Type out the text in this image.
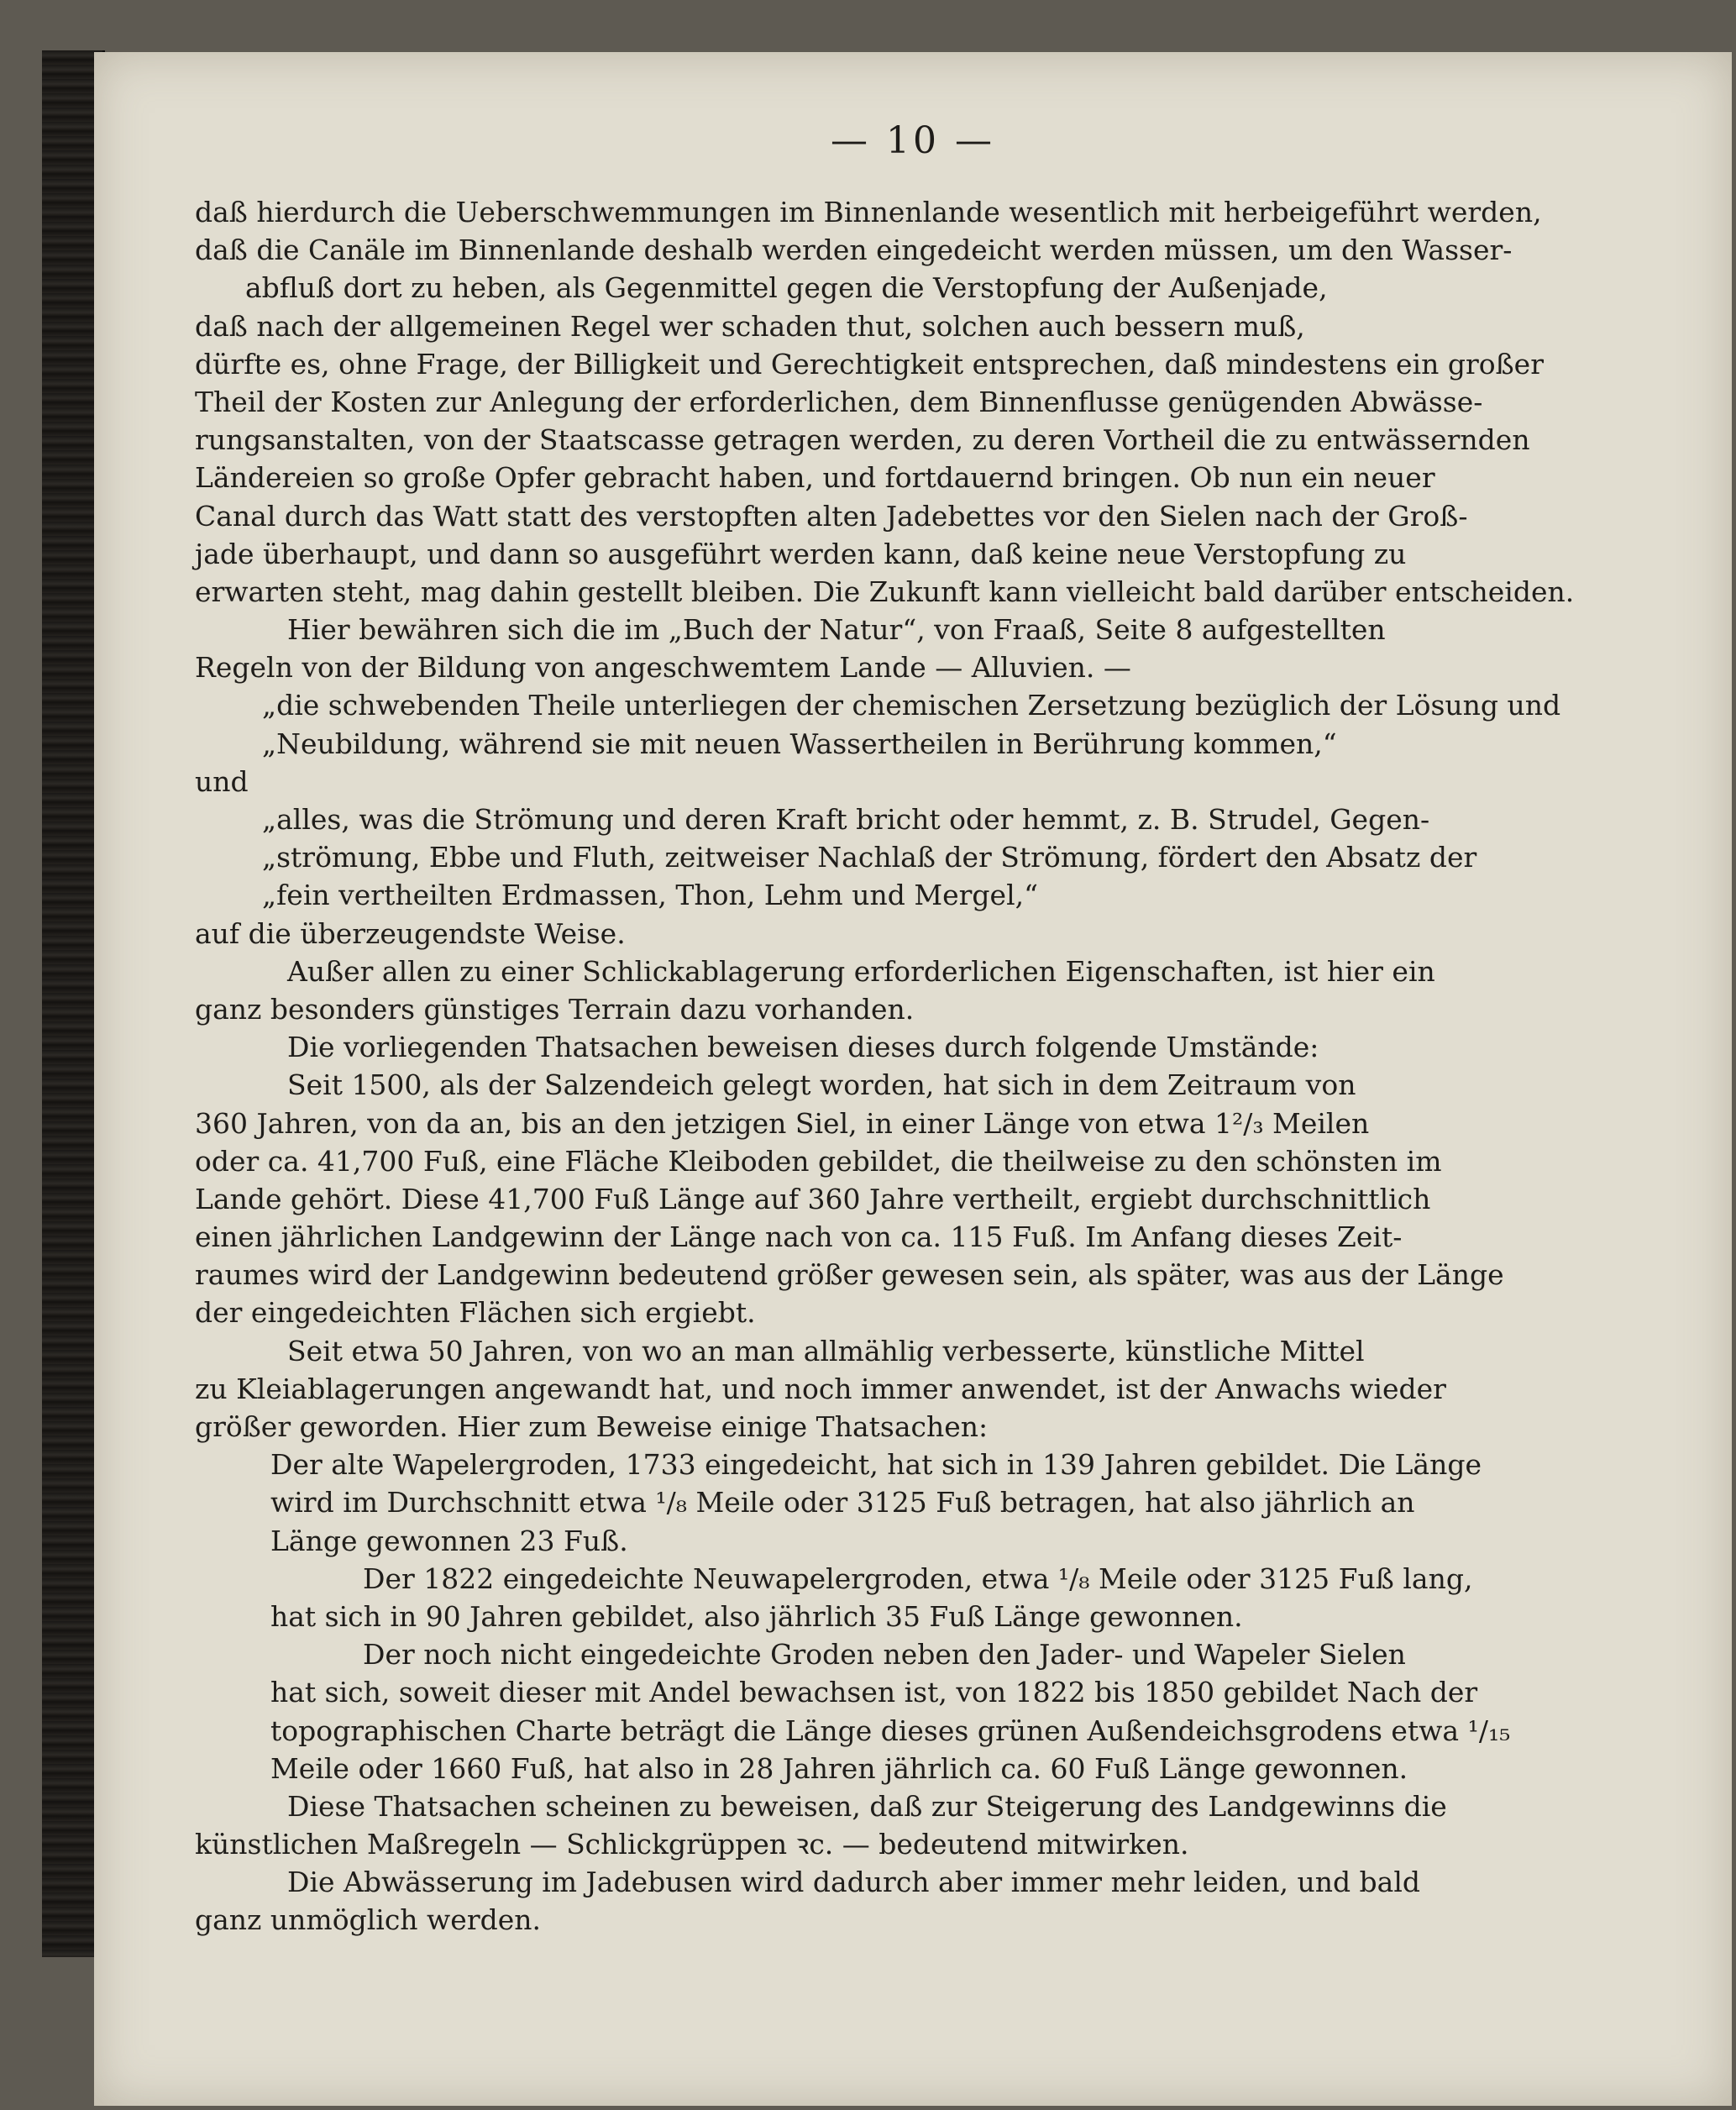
— 10 —
daß hierdurch die Ueberschwemmungen im Binnenlande wesentlich mit herbeigeführt werden,
daß die Canäle im Binnenlande deshalb werden eingedeicht werden müssen, um den Wasser-
abfluß dort zu heben, als Gegenmittel gegen die Verstopfung der Außenjade,
daß nach der allgemeinen Regel wer schaden thut, solchen auch bessern muß,
dürfte es, ohne Frage, der Billigkeit und Gerechtigkeit entsprechen, daß mindestens ein großer
Theil der Kosten zur Anlegung der erforderlichen, dem Binnenflusse genügenden Abwässe-
rungsanstalten, von der Staatscasse getragen werden, zu deren Vortheil die zu entwässernden
Ländereien so große Opfer gebracht haben, und fortdauernd bringen. Ob nun ein neuer
Canal durch das Watt statt des verstopften alten Jadebettes vor den Sielen nach der Groß-
jade überhaupt, und dann so ausgeführt werden kann, daß keine neue Verstopfung zu
erwarten steht, mag dahin gestellt bleiben. Die Zukunft kann vielleicht bald darüber entscheiden.
Hier bewähren sich die im „Buch der Natur“, von Fraaß, Seite 8 aufgestellten
Regeln von der Bildung von angeschwemtem Lande — Alluvien. —
„die schwebenden Theile unterliegen der chemischen Zersetzung bezüglich der Lösung und
„Neubildung, während sie mit neuen Wassertheilen in Berührung kommen,“
und
„alles, was die Strömung und deren Kraft bricht oder hemmt, z. B. Strudel, Gegen-
„strömung, Ebbe und Fluth, zeitweiser Nachlaß der Strömung, fördert den Absatz der
„fein vertheilten Erdmassen, Thon, Lehm und Mergel,“
auf die überzeugendste Weise.
Außer allen zu einer Schlickablagerung erforderlichen Eigenschaften, ist hier ein
ganz besonders günstiges Terrain dazu vorhanden.
Die vorliegenden Thatsachen beweisen dieses durch folgende Umstände:
Seit 1500, als der Salzendeich gelegt worden, hat sich in dem Zeitraum von
360 Jahren, von da an, bis an den jetzigen Siel, in einer Länge von etwa 1²/₃ Meilen
oder ca. 41,700 Fuß, eine Fläche Kleiboden gebildet, die theilweise zu den schönsten im
Lande gehört. Diese 41,700 Fuß Länge auf 360 Jahre vertheilt, ergiebt durchschnittlich
einen jährlichen Landgewinn der Länge nach von ca. 115 Fuß. Im Anfang dieses Zeit-
raumes wird der Landgewinn bedeutend größer gewesen sein, als später, was aus der Länge
der eingedeichten Flächen sich ergiebt.
Seit etwa 50 Jahren, von wo an man allmählig verbesserte, künstliche Mittel
zu Kleiablagerungen angewandt hat, und noch immer anwendet, ist der Anwachs wieder
größer geworden. Hier zum Beweise einige Thatsachen:
Der alte Wapelergroden, 1733 eingedeicht, hat sich in 139 Jahren gebildet. Die Länge
wird im Durchschnitt etwa ¹/₈ Meile oder 3125 Fuß betragen, hat also jährlich an
Länge gewonnen 23 Fuß.
Der 1822 eingedeichte Neuwapelergroden, etwa ¹/₈ Meile oder 3125 Fuß lang,
hat sich in 90 Jahren gebildet, also jährlich 35 Fuß Länge gewonnen.
Der noch nicht eingedeichte Groden neben den Jader- und Wapeler Sielen
hat sich, soweit dieser mit Andel bewachsen ist, von 1822 bis 1850 gebildet Nach der
topographischen Charte beträgt die Länge dieses grünen Außendeichsgrodens etwa ¹/₁₅
Meile oder 1660 Fuß, hat also in 28 Jahren jährlich ca. 60 Fuß Länge gewonnen.
Diese Thatsachen scheinen zu beweisen, daß zur Steigerung des Landgewinns die
künstlichen Maßregeln — Schlickgrüppen ꝛc. — bedeutend mitwirken.
Die Abwässerung im Jadebusen wird dadurch aber immer mehr leiden, und bald
ganz unmöglich werden.
